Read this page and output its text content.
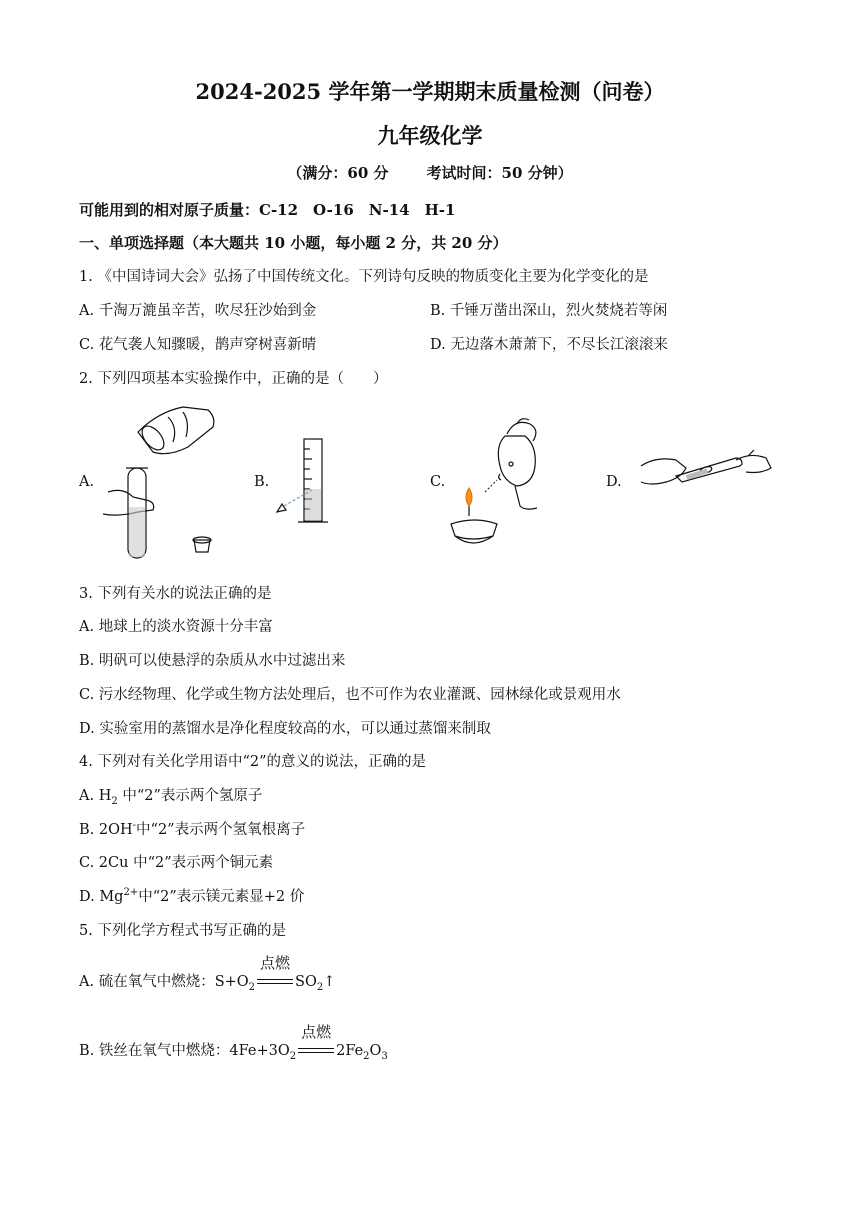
2024-2025 学年第一学期期末质量检测（问卷）
九年级化学
（满分：60 分	考试时间：50 分钟）
可能用到的相对原子质量：C-12　O-16　N-14　H-1
一、单项选择题（本大题共 10 小题，每小题 2 分，共 20 分）
1. 《中国诗词大会》弘扬了中国传统文化。下列诗句反映的物质变化主要为化学变化的是
A. 千淘万漉虽辛苦，吹尽狂沙始到金	B. 千锤万凿出深山，烈火焚烧若等闲
C. 花气袭人知骤暖，鹊声穿树喜新晴	D. 无边落木萧萧下，不尽长江滚滚来
2. 下列四项基本实验操作中，正确的是（　　）
A.	B.	C.	D.
3. 下列有关水的说法正确的是
A. 地球上的淡水资源十分丰富
B. 明矾可以使悬浮的杂质从水中过滤出来
C. 污水经物理、化学或生物方法处理后，也不可作为农业灌溉、园林绿化或景观用水
D. 实验室用的蒸馏水是净化程度较高的水，可以通过蒸馏来制取
4. 下列对有关化学用语中“2”的意义的说法，正确的是
A. $H_2$ 中“2”表示两个氢原子
B. 2OH-中“2”表示两个氢氧根离子
C. 2Cu 中“2”表示两个铜元素
D. $Mg^{2+}$中“2”表示镁元素显+2 价
5. 下列化学方程式书写正确的是
A. 硫在氧气中燃烧：$S+O_2$
点燃
$SO_2↑$
B. 铁丝在氧气中燃烧：$4Fe+3O_2$
点燃
$2Fe_2O_3$
